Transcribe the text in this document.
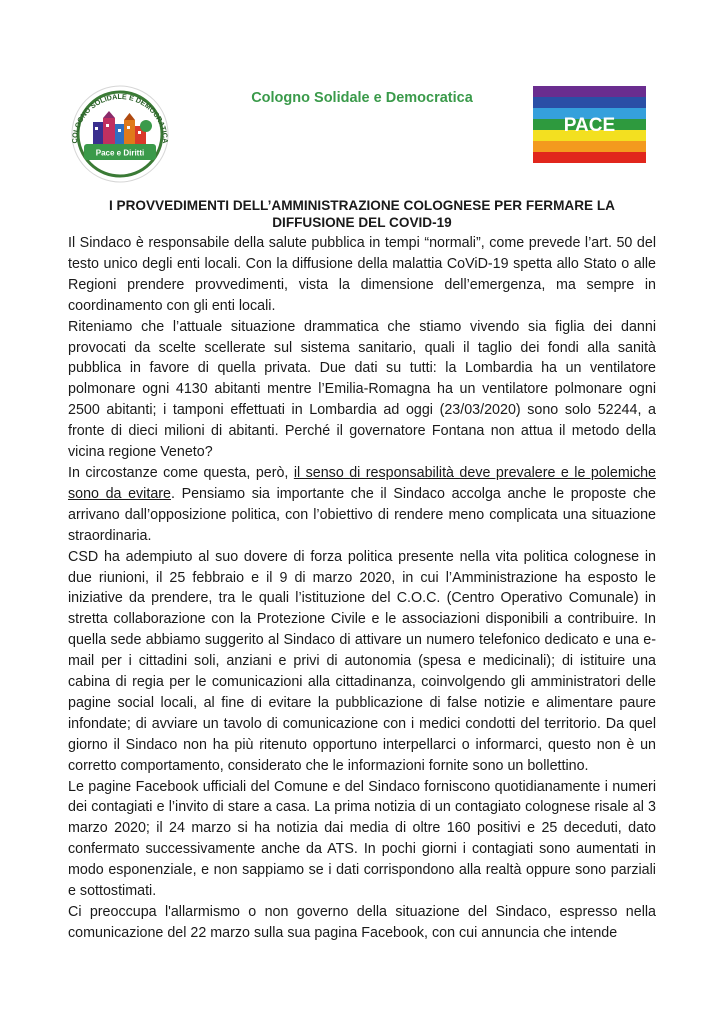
COLOGNO SOLIDALE E DEMOCRATICA
Pace e Diritti
Cologno Solidale e Democratica
PACE
I PROVVEDIMENTI DELL’AMMINISTRAZIONE COLOGNESE PER FERMARE LA
DIFFUSIONE DEL COVID-19

Il Sindaco è responsabile della salute pubblica in tempi “normali”, come prevede l’art. 50 del testo unico degli enti locali. Con la diffusione della malattia CoViD-19 spetta allo Stato o alle Regioni prendere provvedimenti, vista la dimensione dell’emergenza, ma sempre in coordinamento con gli enti locali.

Riteniamo che l’attuale situazione drammatica che stiamo vivendo sia figlia dei danni provocati da scelte scellerate sul sistema sanitario, quali il taglio dei fondi alla sanità pubblica in favore di quella privata. Due dati su tutti: la Lombardia ha un ventilatore polmonare ogni 4130 abitanti mentre l’Emilia-Romagna ha un ventilatore polmonare ogni 2500 abitanti; i tamponi effettuati in Lombardia ad oggi (23/03/2020) sono solo 52244, a fronte di dieci milioni di abitanti. Perché il governatore Fontana non attua il metodo della vicina regione Veneto?

In circostanze come questa, però, il senso di responsabilità deve prevalere e le polemiche sono da evitare. Pensiamo sia importante che il Sindaco accolga anche le proposte che arrivano dall’opposizione politica, con l’obiettivo di rendere meno complicata una situazione straordinaria.

CSD ha adempiuto al suo dovere di forza politica presente nella vita politica colognese in due riunioni, il 25 febbraio e il 9 di marzo 2020, in cui l’Amministrazione ha esposto le iniziative da prendere, tra le quali l’istituzione del C.O.C. (Centro Operativo Comunale) in stretta collaborazione con la Protezione Civile e le associazioni disponibili a contribuire. In quella sede abbiamo suggerito al Sindaco di attivare un numero telefonico dedicato e una e-mail per i cittadini soli, anziani e privi di autonomia (spesa e medicinali); di istituire una cabina di regia per le comunicazioni alla cittadinanza, coinvolgendo gli amministratori delle pagine social locali, al fine di evitare la pubblicazione di false notizie e alimentare paure infondate; di avviare un tavolo di comunicazione con i medici condotti del territorio. Da quel giorno il Sindaco non ha più ritenuto opportuno interpellarci o informarci, questo non è un corretto comportamento, considerato che le informazioni fornite sono un bollettino.

Le pagine Facebook ufficiali del Comune e del Sindaco forniscono quotidianamente i numeri dei contagiati e l’invito di stare a casa. La prima notizia di un contagiato colognese risale al 3 marzo 2020; il 24 marzo si ha notizia dai media di oltre 160 positivi e 25 deceduti, dato confermato successivamente anche da ATS. In pochi giorni i contagiati sono aumentati in modo esponenziale, e non sappiamo se i dati corrispondono alla realtà oppure sono parziali e sottostimati.

Ci preoccupa l'allarmismo o non governo della situazione del Sindaco, espresso nella comunicazione del 22 marzo sulla sua pagina Facebook, con cui annuncia che intende
